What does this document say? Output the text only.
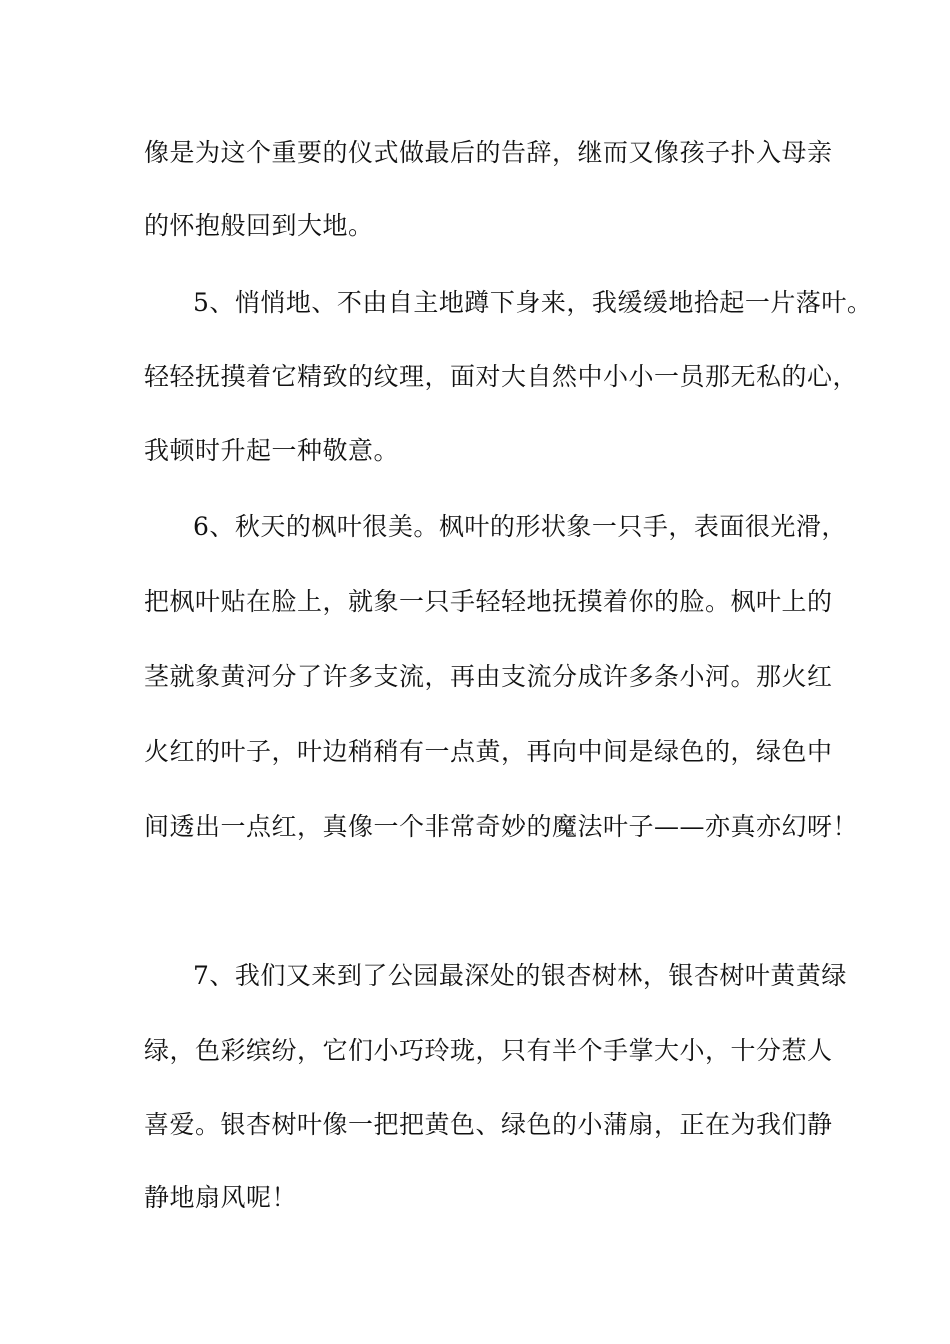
像是为这个重要的仪式做最后的告辞，继而又像孩子扑入母亲
的怀抱般回到大地。
5、悄悄地、不由自主地蹲下身来，我缓缓地拾起一片落叶。
轻轻抚摸着它精致的纹理，面对大自然中小小一员那无私的心，
我顿时升起一种敬意。
6、秋天的枫叶很美。枫叶的形状象一只手，表面很光滑，
把枫叶贴在脸上，就象一只手轻轻地抚摸着你的脸。枫叶上的
茎就象黄河分了许多支流，再由支流分成许多条小河。那火红
火红的叶子，叶边稍稍有一点黄，再向中间是绿色的，绿色中
间透出一点红，真像一个非常奇妙的魔法叶子——亦真亦幻呀！
7、我们又来到了公园最深处的银杏树林，银杏树叶黄黄绿
绿，色彩缤纷，它们小巧玲珑，只有半个手掌大小，十分惹人
喜爱。银杏树叶像一把把黄色、绿色的小蒲扇，正在为我们静
静地扇风呢！
